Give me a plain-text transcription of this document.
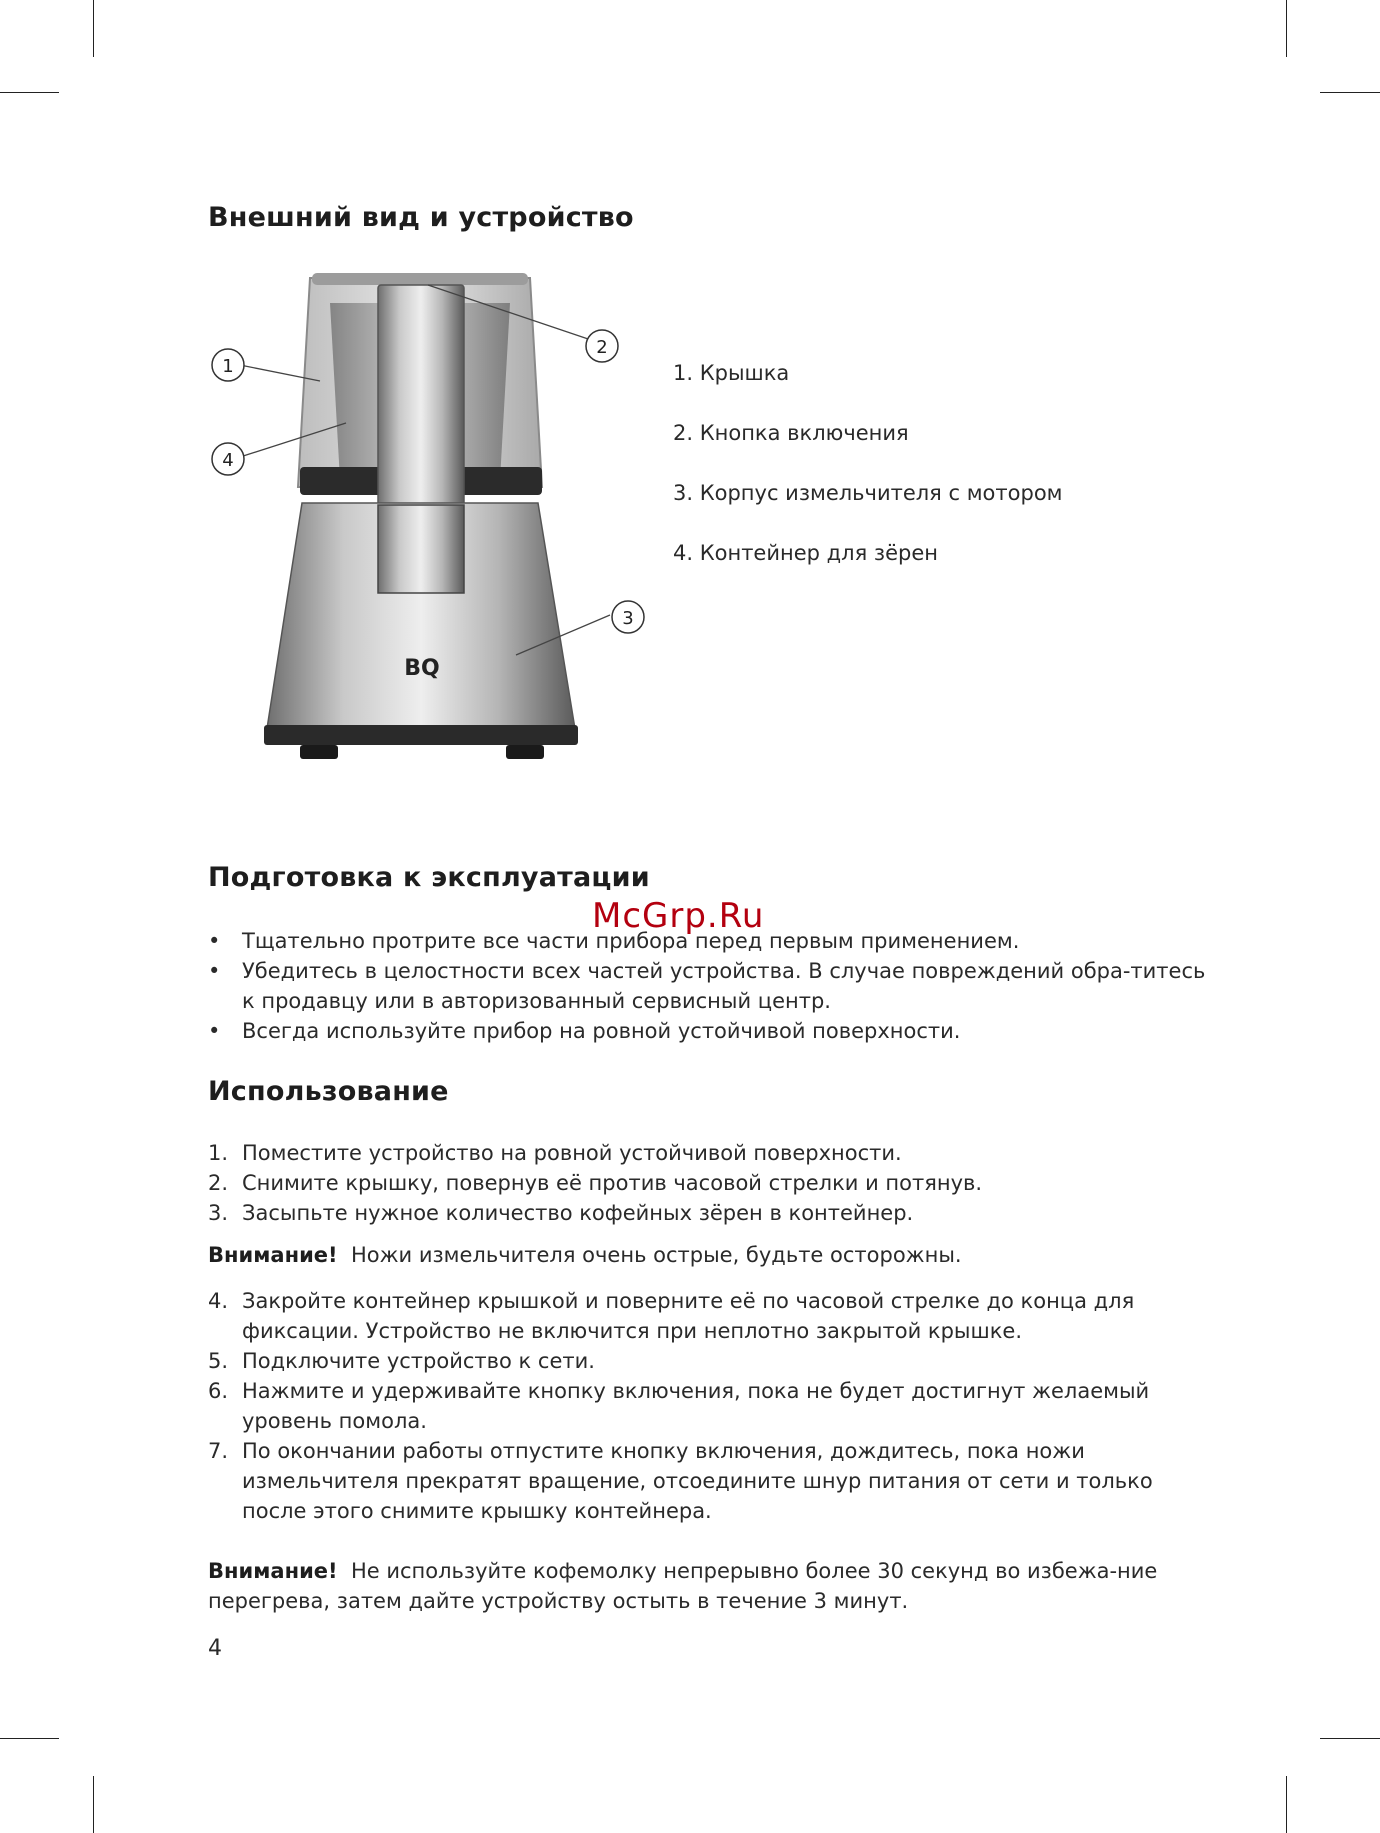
Внешний вид и устройство
BQ
1
4
2
3
1. Крышка
2. Кнопка включения
3. Корпус измельчителя с мотором
4. Контейнер для зёрен
Подготовка к эксплуатации
McGrp.Ru
• Тщательно протрите все части прибора перед первым применением.
• Убедитесь в целостности всех частей устройства. В случае повреждений обра-титесь к продавцу или в авторизованный сервисный центр.
• Всегда используйте прибор на ровной устойчивой поверхности.
Использование
1. Поместите устройство на ровной устойчивой поверхности.
2. Снимите крышку, повернув её против часовой стрелки и потянув.
3. Засыпьте нужное количество кофейных зёрен в контейнер.

Внимание! Ножи измельчителя очень острые, будьте осторожны.

4. Закройте контейнер крышкой и поверните её по часовой стрелке до конца для фиксации. Устройство не включится при неплотно закрытой крышке.
5. Подключите устройство к сети.
6. Нажмите и удерживайте кнопку включения, пока не будет достигнут желаемый уровень помола.
7. По окончании работы отпустите кнопку включения, дождитесь, пока ножи измельчителя прекратят вращение, отсоедините шнур питания от сети и только после этого снимите крышку контейнера.

Внимание! Не используйте кофемолку непрерывно более 30 секунд во избежа-ние перегрева, затем дайте устройству остыть в течение 3 минут.

4
